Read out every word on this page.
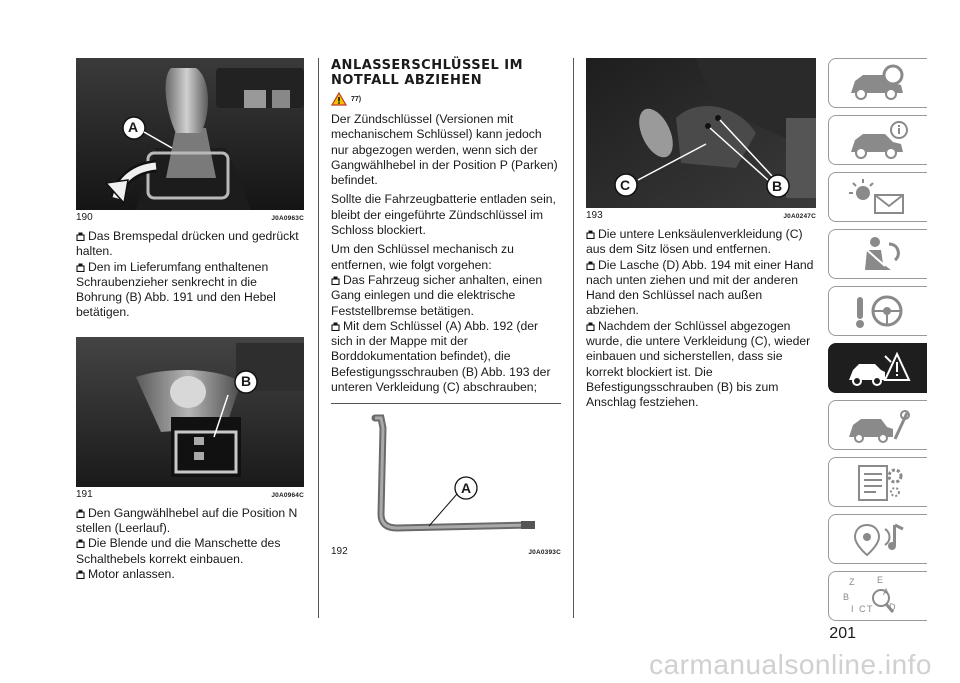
A
190	J0A0963C

Das Bremspedal drücken und gedrückt halten.

Den im Lieferumfang enthaltenen Schraubenzieher senkrecht in die Bohrung (B) Abb. 191 und den Hebel betätigen.

B
191	J0A0964C

Den Gangwählhebel auf die Position N stellen (Leerlauf).

Die Blende und die Manschette des Schalthebels korrekt einbauen.

Motor anlassen.

ANLASSERSCHLÜSSEL IM
NOTFALL ABZIEHEN
77)

Der Zündschlüssel (Versionen mit mechanischem Schlüssel) kann jedoch nur abgezogen werden, wenn sich der Gangwählhebel in der Position P (Parken) befindet.

Sollte die Fahrzeugbatterie entladen sein, bleibt der eingeführte Zündschlüssel im Schloss blockiert.

Um den Schlüssel mechanisch zu entfernen, wie folgt vorgehen:

Das Fahrzeug sicher anhalten, einen Gang einlegen und die elektrische Feststellbremse betätigen.

Mit dem Schlüssel (A) Abb. 192 (der sich in der Mappe mit der Borddokumentation befindet), die Befestigungsschrauben (B) Abb. 193 der unteren Verkleidung (C) abschrauben;

A
192	J0A0393C
C	B
193	J0A0247C

Die untere Lenksäulenverkleidung (C) aus dem Sitz lösen und entfernen.

Die Lasche (D) Abb. 194 mit einer Hand nach unten ziehen und mit der anderen Hand den Schlüssel nach außen abziehen.

Nachdem der Schlüssel abgezogen wurde, die untere Verkleidung (C), wieder einbauen und sicherstellen, dass sie korrekt blockiert ist. Die Befestigungsschrauben (B) bis zum Anschlag festziehen.

Z	E
B	A
C T D
I
201
carmanualsonline.info
